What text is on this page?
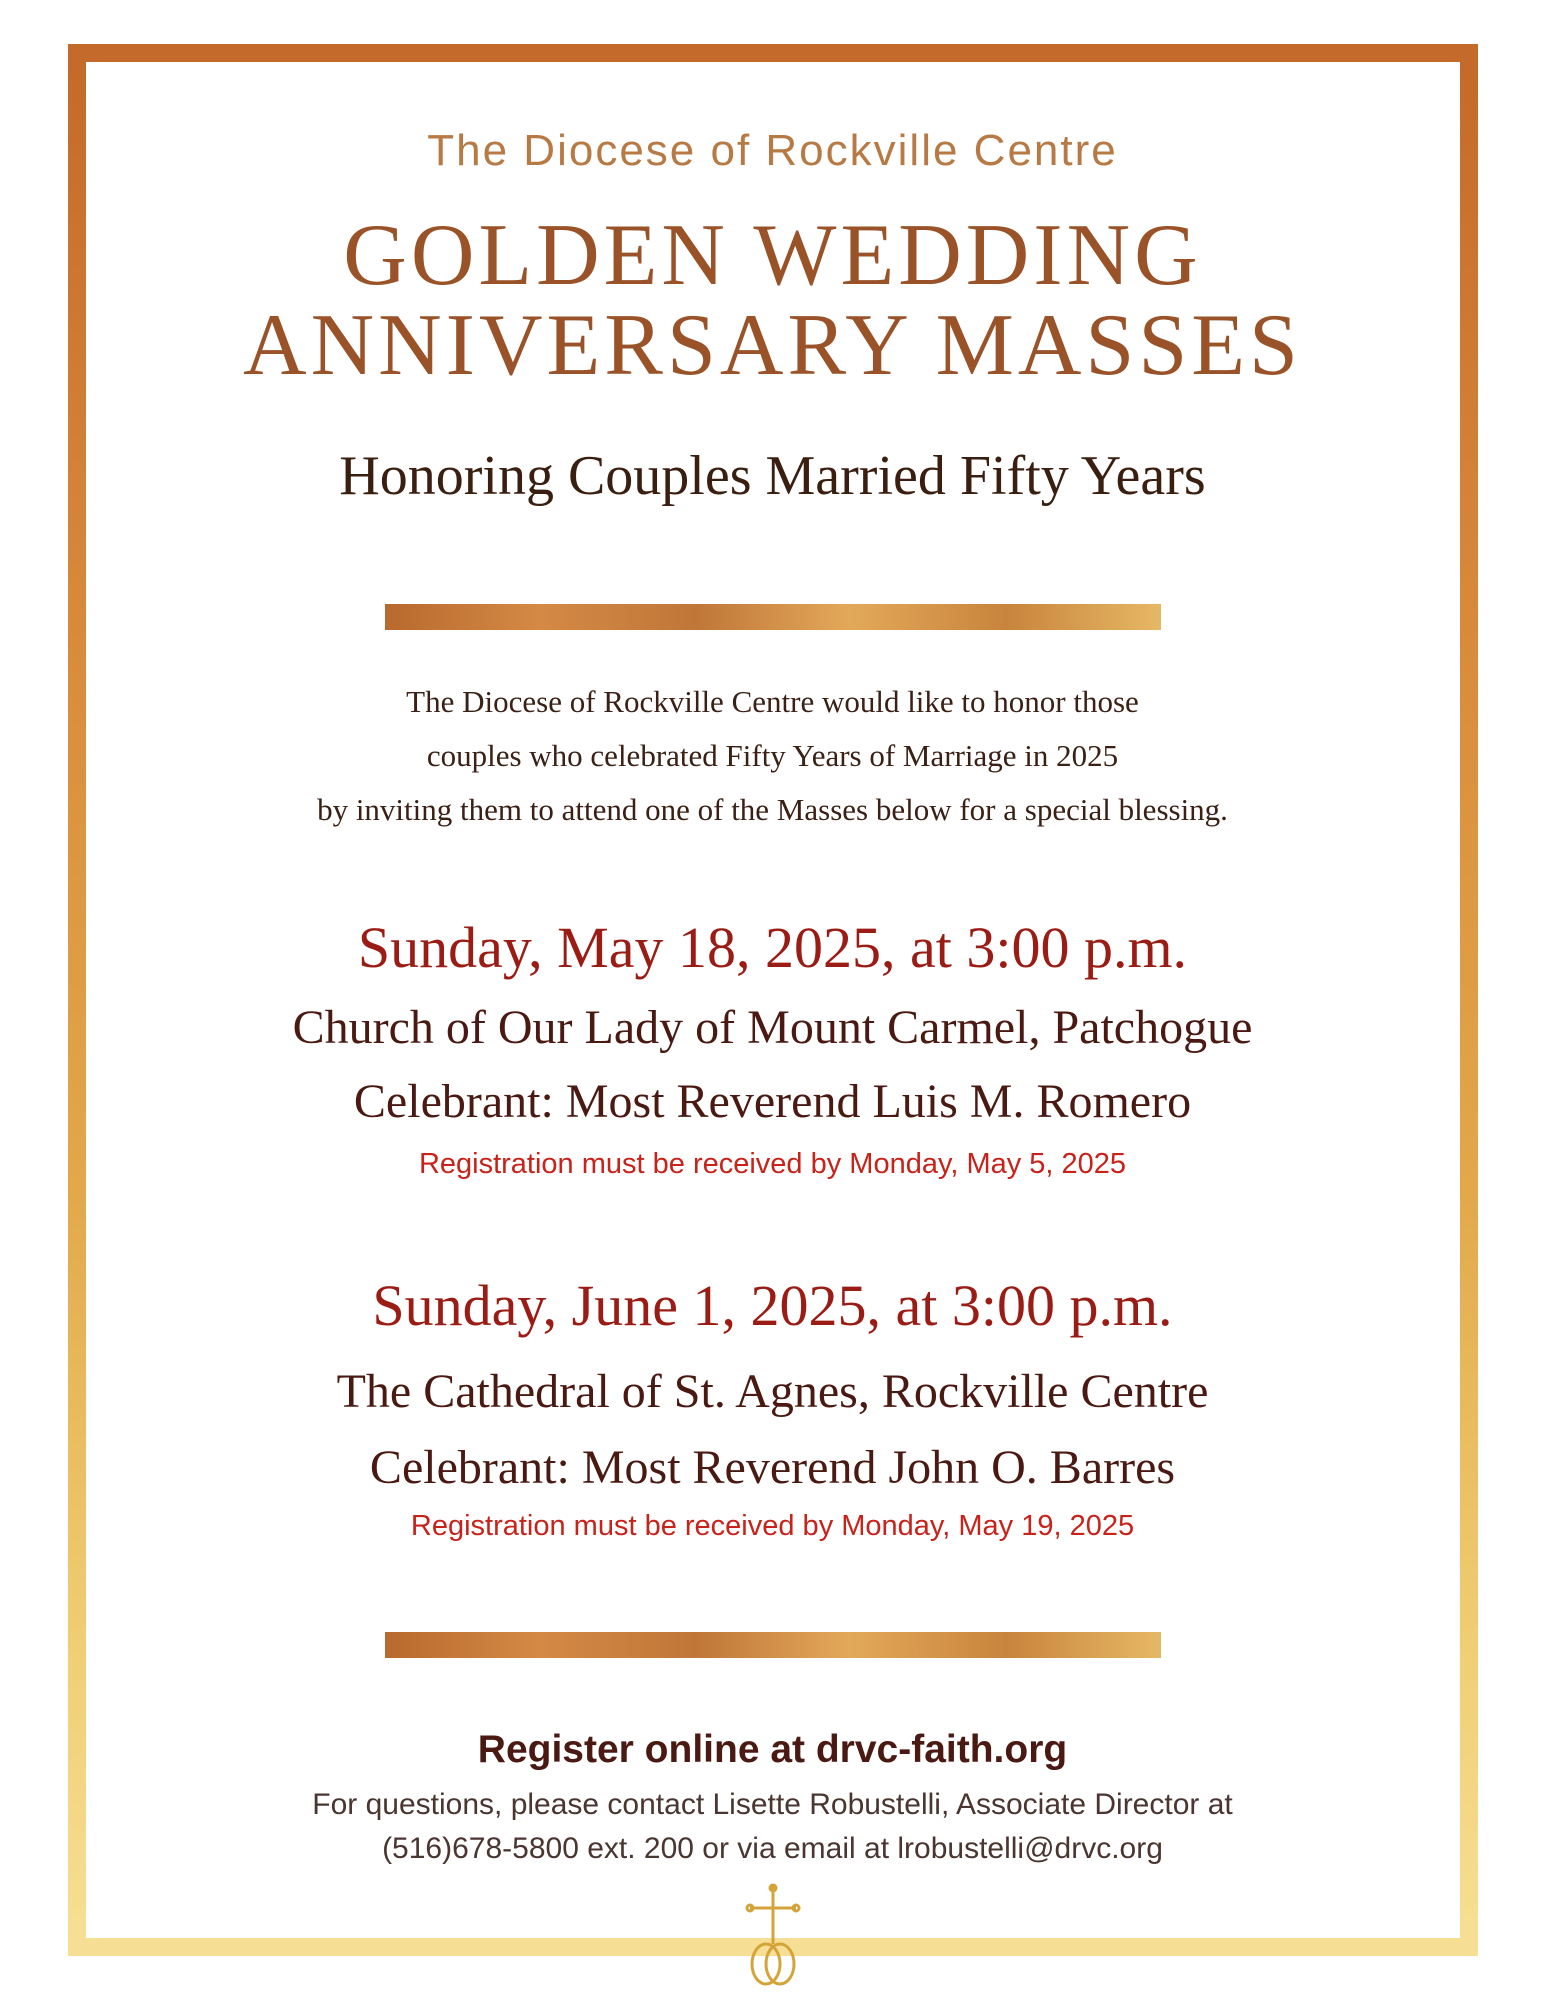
The Diocese of Rockville Centre
GOLDEN WEDDING
ANNIVERSARY MASSES
Honoring Couples Married Fifty Years
The Diocese of Rockville Centre would like to honor those
couples who celebrated Fifty Years of Marriage in 2025
by inviting them to attend one of the Masses below for a special blessing.
Sunday, May 18, 2025, at 3:00 p.m.
Church of Our Lady of Mount Carmel, Patchogue
Celebrant: Most Reverend Luis M. Romero
Registration must be received by Monday, May 5, 2025
Sunday, June 1, 2025, at 3:00 p.m.
The Cathedral of St. Agnes, Rockville Centre
Celebrant: Most Reverend John O. Barres
Registration must be received by Monday, May 19, 2025
Register online at drvc-faith.org
For questions, please contact Lisette Robustelli, Associate Director at
(516)678-5800 ext. 200 or via email at lrobustelli@drvc.org
